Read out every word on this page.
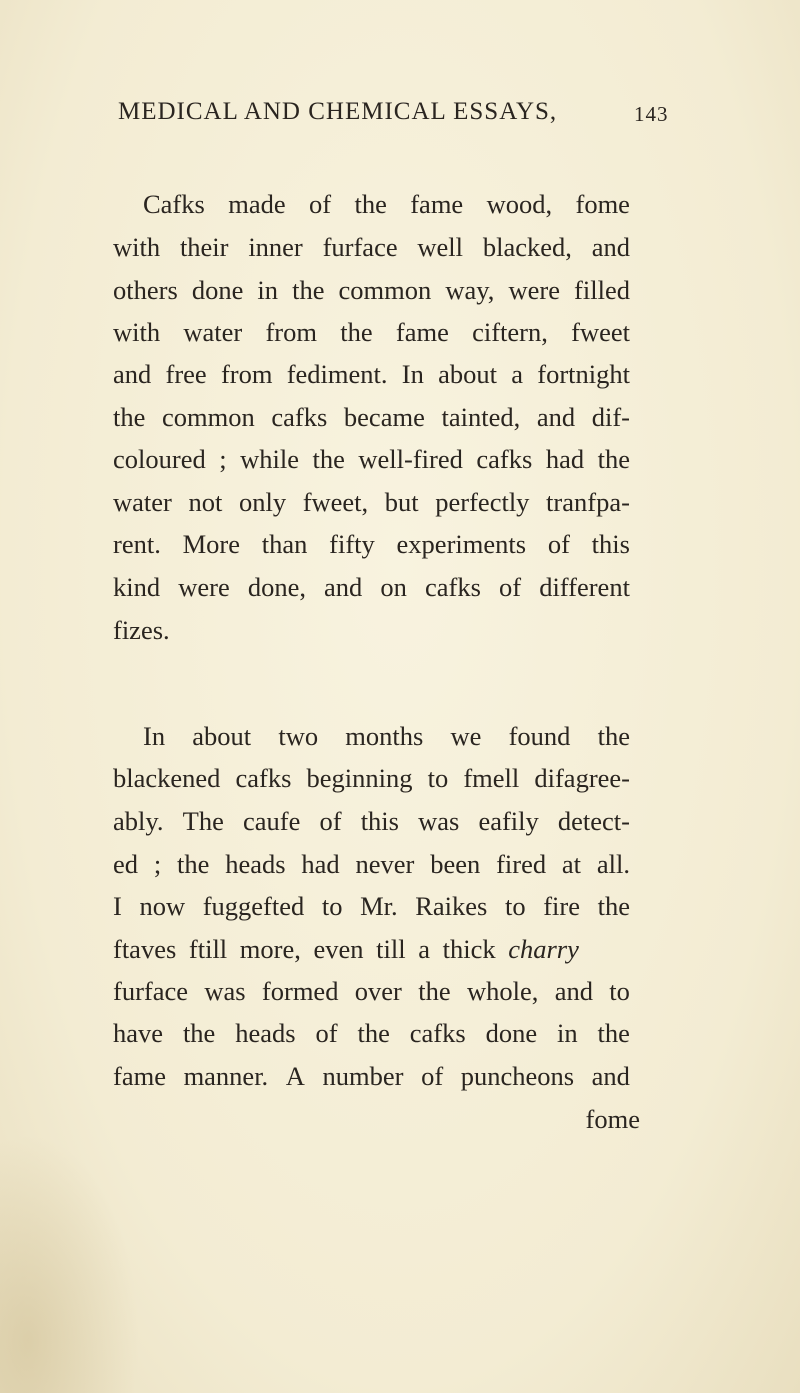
MEDICAL AND CHEMICAL ESSAYS,	143
Cafks made of the fame wood, fome
with their inner furface well blacked, and
others done in the common way, were filled
with water from the fame ciftern, fweet
and free from fediment. In about a fortnight
the common cafks became tainted, and dif-
coloured ; while the well-fired cafks had the
water not only fweet, but perfectly tranfpa-
rent. More than fifty experiments of this
kind were done, and on cafks of different
fizes.
In about two months we found the
blackened cafks beginning to fmell difagree-
ably. The caufe of this was eafily detect-
ed ; the heads had never been fired at all.
I now fuggefted to Mr. Raikes to fire the
ftaves ftill more, even till a thick charry
furface was formed over the whole, and to
have the heads of the cafks done in the
fame manner. A number of puncheons and
fome
